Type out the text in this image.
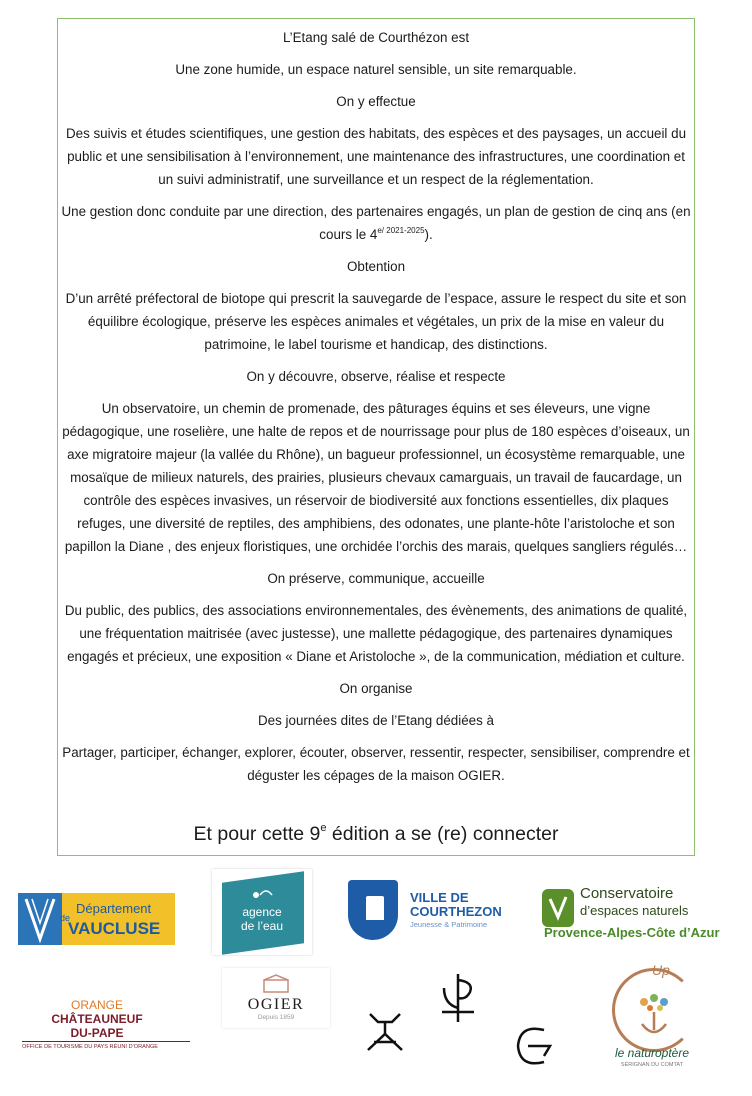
L’Etang salé de Courthézon est

Une zone humide, un espace naturel sensible, un site remarquable.

On y effectue

Des suivis et études scientifiques, une gestion des habitats, des espèces et des paysages, un accueil du public et une sensibilisation à l’environnement, une maintenance des infrastructures, une coordination et un suivi administratif, une surveillance et un respect de la réglementation.

Une gestion donc conduite par une direction, des partenaires engagés, un plan de gestion de cinq ans (en cours le $4^{e/ 2021-2025}$).

Obtention

D’un arrêté préfectoral de biotope qui prescrit la sauvegarde de l’espace, assure le respect du site et son équilibre écologique, préserve les espèces animales et végétales, un prix de la mise en valeur du patrimoine, le label tourisme et handicap, des distinctions.

On y découvre, observe, réalise et respecte

Un observatoire, un chemin de promenade, des pâturages équins et ses éleveurs, une vigne pédagogique, une roselière, une halte de repos et de nourrissage pour plus de 180 espèces d’oiseaux, un axe migratoire majeur (la vallée du Rhône), un bagueur professionnel, un écosystème remarquable, une mosaïque de milieux naturels, des prairies, plusieurs chevaux camarguais, un travail de faucardage, un contrôle des espèces invasives, un réservoir de biodiversité aux fonctions essentielles, dix plaques refuges, une diversité de reptiles, des amphibiens, des odonates, une plante-hôte l’aristoloche et son papillon la Diane , des enjeux floristiques, une orchidée l’orchis des marais, quelques sangliers régulés…

On préserve, communique, accueille

Du public, des publics, des associations environnementales, des évènements, des animations de qualité, une fréquentation maitrisée (avec justesse), une mallette pédagogique, des partenaires dynamiques engagés et précieux, une exposition « Diane et Aristoloche », de la communication, médiation et culture.

On organise

Des journées dites de l’Etang dédiées à

Partager, participer, échanger, explorer, écouter, observer, ressentir, respecter, sensibiliser, comprendre et déguster les cépages de la maison OGIER.

Et pour cette 9e édition a se (re) connecter
de
Département
VAUCLUSE
agence
de l’eau
VILLE DE
COURTHEZON
Jeunesse & Patrimoine
Conservatoire
d’espaces naturels
Provence-Alpes-Côte d’Azur
ORANGE
CHÂTEAUNEUF
DU-PAPE
OFFICE DE TOURISME DU PAYS RÉUNI D’ORANGE
OGIER
Depuis 1859
Up
le naturoptère
SÉRIGNAN DU COMTAT
